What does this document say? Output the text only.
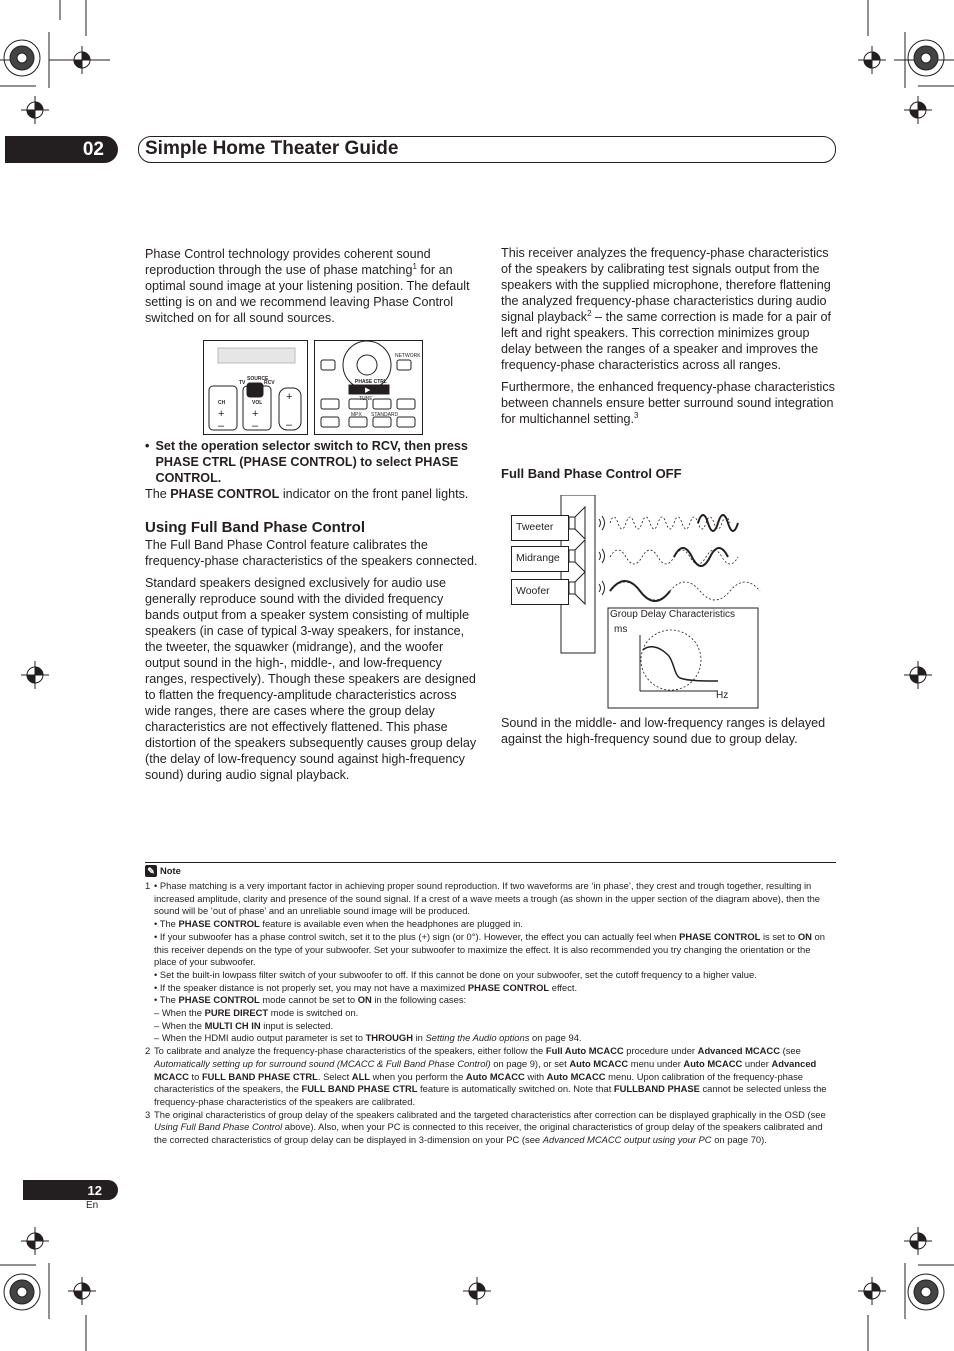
02 Simple Home Theater Guide

Phase Control technology provides coherent sound reproduction through the use of phase matching$^1$ for an optimal sound image at your listening position. The default setting is on and we recommend leaving Phase Control switched on for all sound sources.

SOURCE
TV	RCV
CH	VOL
PHASE CTRL
TUNE
STANDARD
MPX
NETWORK
▶
+	+
–	–
+
–
• Set the operation selector switch to RCV, then press PHASE CTRL (PHASE CONTROL) to select PHASE CONTROL.
The PHASE CONTROL indicator on the front panel lights.
Using Full Band Phase Control

The Full Band Phase Control feature calibrates the frequency-phase characteristics of the speakers connected.

Standard speakers designed exclusively for audio use generally reproduce sound with the divided frequency bands output from a speaker system consisting of multiple speakers (in case of typical 3-way speakers, for instance, the tweeter, the squawker (midrange), and the woofer output sound in the high-, middle-, and low-frequency ranges, respectively). Though these speakers are designed to flatten the frequency-amplitude characteristics across wide ranges, there are cases where the group delay characteristics are not effectively flattened. This phase distortion of the speakers subsequently causes group delay (the delay of low-frequency sound against high-frequency sound) during audio signal playback.

This receiver analyzes the frequency-phase characteristics of the speakers by calibrating test signals output from the speakers with the supplied microphone, therefore flattening the analyzed frequency-phase characteristics during audio signal playback$^2$ – the same correction is made for a pair of left and right speakers. This correction minimizes group delay between the ranges of a speaker and improves the frequency-phase characteristics across all ranges.

Furthermore, the enhanced frequency-phase characteristics between channels ensure better surround sound integration for multichannel setting.$^3$

Full Band Phase Control OFF
Tweeter
Midrange
Woofer
Group Delay Characteristics
ms
Hz
Sound in the middle- and low-frequency ranges is delayed against the high-frequency sound due to group delay.
✎ Note
1 • Phase matching is a very important factor in achieving proper sound reproduction. If two waveforms are ‘in phase’, they crest and trough together, resulting in increased amplitude, clarity and presence of the sound signal. If a crest of a wave meets a trough (as shown in the upper section of the diagram above), then the sound will be ‘out of phase’ and an unreliable sound image will be produced.
• The PHASE CONTROL feature is available even when the headphones are plugged in.
• If your subwoofer has a phase control switch, set it to the plus (+) sign (or 0°). However, the effect you can actually feel when PHASE CONTROL is set to ON on this receiver depends on the type of your subwoofer. Set your subwoofer to maximize the effect. It is also recommended you try changing the orientation or the place of your subwoofer.
• Set the built-in lowpass filter switch of your subwoofer to off. If this cannot be done on your subwoofer, set the cutoff frequency to a higher value.
• If the speaker distance is not properly set, you may not have a maximized PHASE CONTROL effect.
• The PHASE CONTROL mode cannot be set to ON in the following cases:
– When the PURE DIRECT mode is switched on.
– When the MULTI CH IN input is selected.
– When the HDMI audio output parameter is set to THROUGH in Setting the Audio options on page 94.
2 To calibrate and analyze the frequency-phase characteristics of the speakers, either follow the Full Auto MCACC procedure under Advanced MCACC (see Automatically setting up for surround sound (MCACC & Full Band Phase Control) on page 9), or set Auto MCACC menu under Auto MCACC under Advanced MCACC to FULL BAND PHASE CTRL. Select ALL when you perform the Auto MCACC with Auto MCACC menu. Upon calibration of the frequency-phase characteristics of the speakers, the FULL BAND PHASE CTRL feature is automatically switched on. Note that FULLBAND PHASE cannot be selected unless the frequency-phase characteristics of the speakers are calibrated.
3 The original characteristics of group delay of the speakers calibrated and the targeted characteristics after correction can be displayed graphically in the OSD (see Using Full Band Phase Control above). Also, when your PC is connected to this receiver, the original characteristics of group delay of the speakers calibrated and the corrected characteristics of group delay can be displayed in 3-dimension on your PC (see Advanced MCACC output using your PC on page 70).
12
En
